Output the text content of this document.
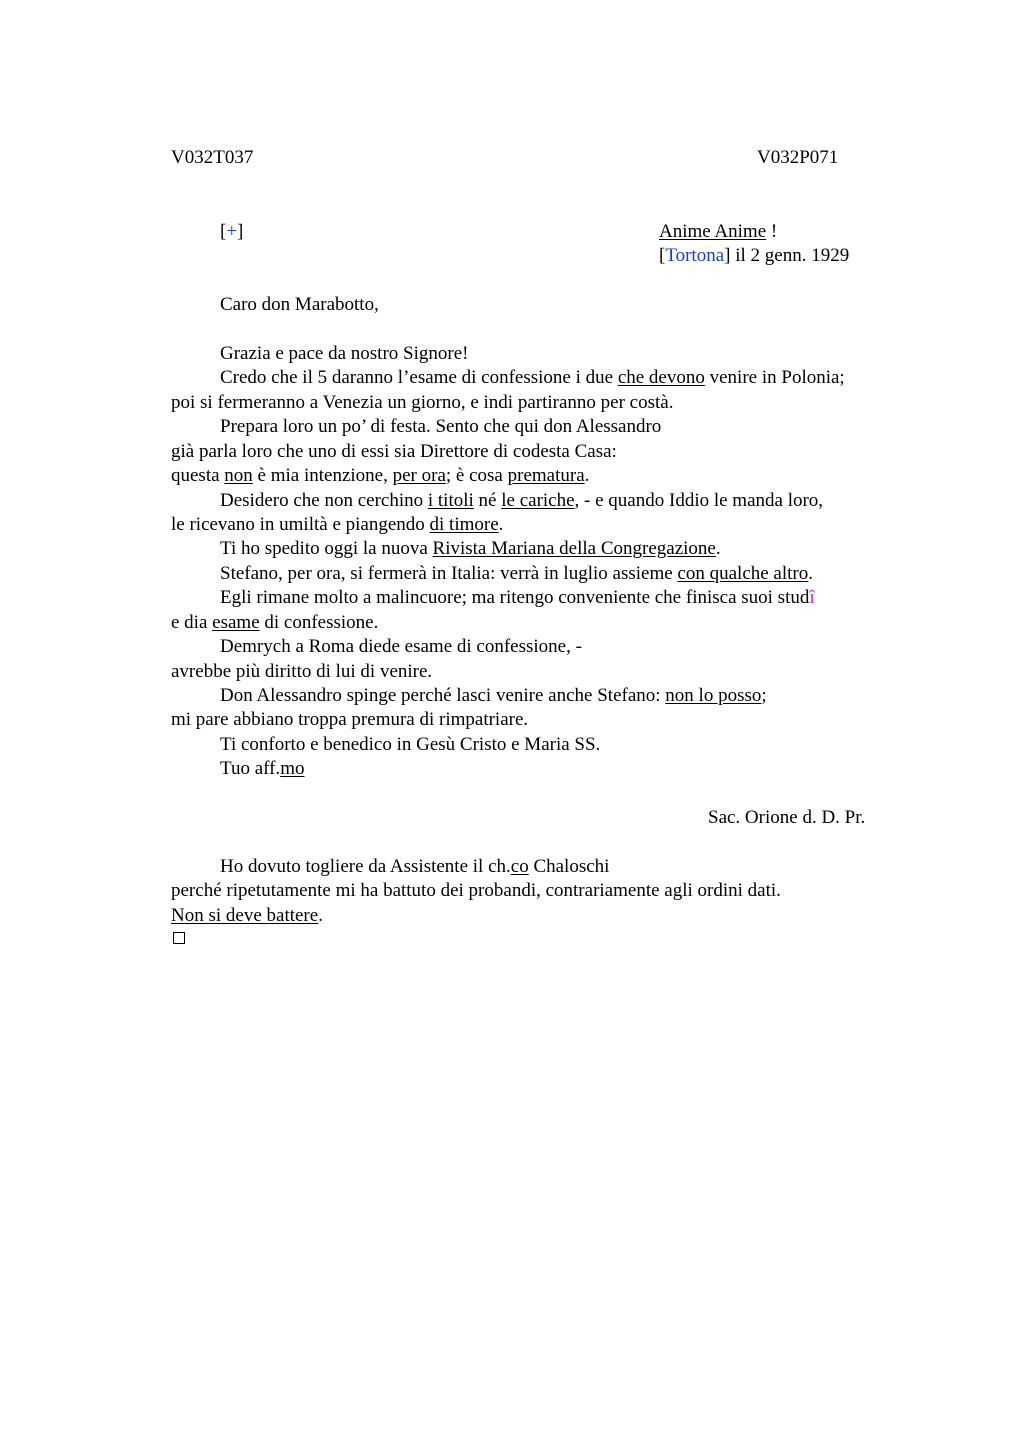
V032T037	V032P071
[+]	Anime Anime !
[Tortona] il 2 genn. 1929
Caro don Marabotto,
Grazia e pace da nostro Signore!
Credo che il 5 daranno l’esame di confessione i due che devono venire in Polonia;
poi si fermeranno a Venezia un giorno, e indi partiranno per costà.
Prepara loro un po’ di festa. Sento che qui don Alessandro
già parla loro che uno di essi sia Direttore di codesta Casa:
questa non è mia intenzione, per ora; è cosa prematura.
Desidero che non cerchino i titoli né le cariche, - e quando Iddio le manda loro,
le ricevano in umiltà e piangendo di timore.
Ti ho spedito oggi la nuova Rivista Mariana della Congregazione.
Stefano, per ora, si fermerà in Italia: verrà in luglio assieme con qualche altro.
Egli rimane molto a malincuore; ma ritengo conveniente che finisca suoi studî
e dia esame di confessione.
Demrych a Roma diede esame di confessione, -
avrebbe più diritto di lui di venire.
Don Alessandro spinge perché lasci venire anche Stefano: non lo posso;
mi pare abbiano troppa premura di rimpatriare.
Ti conforto e benedico in Gesù Cristo e Maria SS.
Tuo aff.mo
Sac. Orione d. D. Pr.
Ho dovuto togliere da Assistente il ch.co Chaloschi
perché ripetutamente mi ha battuto dei probandi, contrariamente agli ordini dati.
Non si deve battere.
